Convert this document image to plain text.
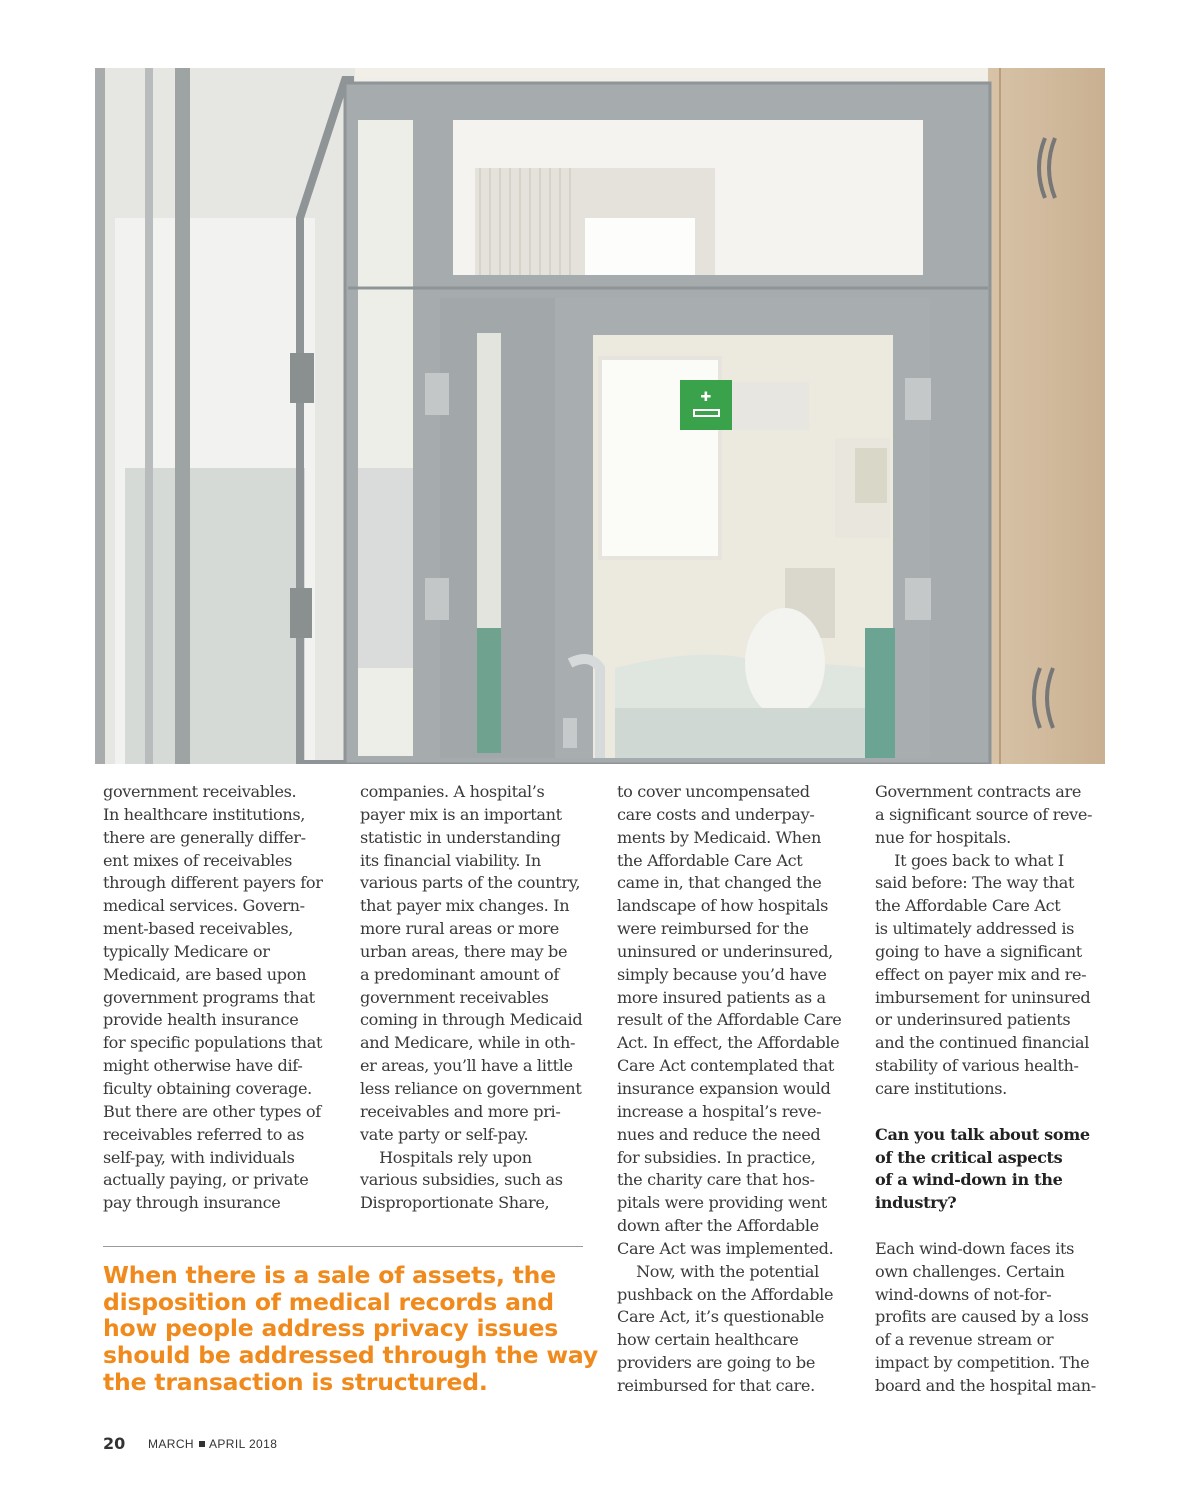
✚

government receivables.

In healthcare institutions,

there are generally differ-

ent mixes of receivables

through different payers for

medical services. Govern-

ment-based receivables,

typically Medicare or

Medicaid, are based upon

government programs that

provide health insurance

for specific populations that

might otherwise have dif-

ficulty obtaining coverage.

But there are other types of

receivables referred to as

self-pay, with individuals

actually paying, or private

pay through insurance

companies. A hospital’s

payer mix is an important

statistic in understanding

its financial viability. In

various parts of the country,

that payer mix changes. In

more rural areas or more

urban areas, there may be

a predominant amount of

government receivables

coming in through Medicaid

and Medicare, while in oth-

er areas, you’ll have a little

less reliance on government

receivables and more pri-

vate party or self-pay.

Hospitals rely upon

various subsidies, such as

Disproportionate Share,

to cover uncompensated

care costs and underpay-

ments by Medicaid. When

the Affordable Care Act

came in, that changed the

landscape of how hospitals

were reimbursed for the

uninsured or underinsured,

simply because you’d have

more insured patients as a

result of the Affordable Care

Act. In effect, the Affordable

Care Act contemplated that

insurance expansion would

increase a hospital’s reve-

nues and reduce the need

for subsidies. In practice,

the charity care that hos-

pitals were providing went

down after the Affordable

Care Act was implemented.

Now, with the potential

pushback on the Affordable

Care Act, it’s questionable

how certain healthcare

providers are going to be

reimbursed for that care.

Government contracts are

a significant source of reve-

nue for hospitals.

It goes back to what I

said before: The way that

the Affordable Care Act

is ultimately addressed is

going to have a significant

effect on payer mix and re-

imbursement for uninsured

or underinsured patients

and the continued financial

stability of various health-

care institutions.

Can you talk about some

of the critical aspects

of a wind-down in the

industry?

Each wind-down faces its

own challenges. Certain

wind-downs of not-for-

profits are caused by a loss

of a revenue stream or

impact by competition. The

board and the hospital man-

When there is a sale of assets, the

disposition of medical records and

how people address privacy issues

should be addressed through the way

the transaction is structured.

20 MARCH APRIL 2018
